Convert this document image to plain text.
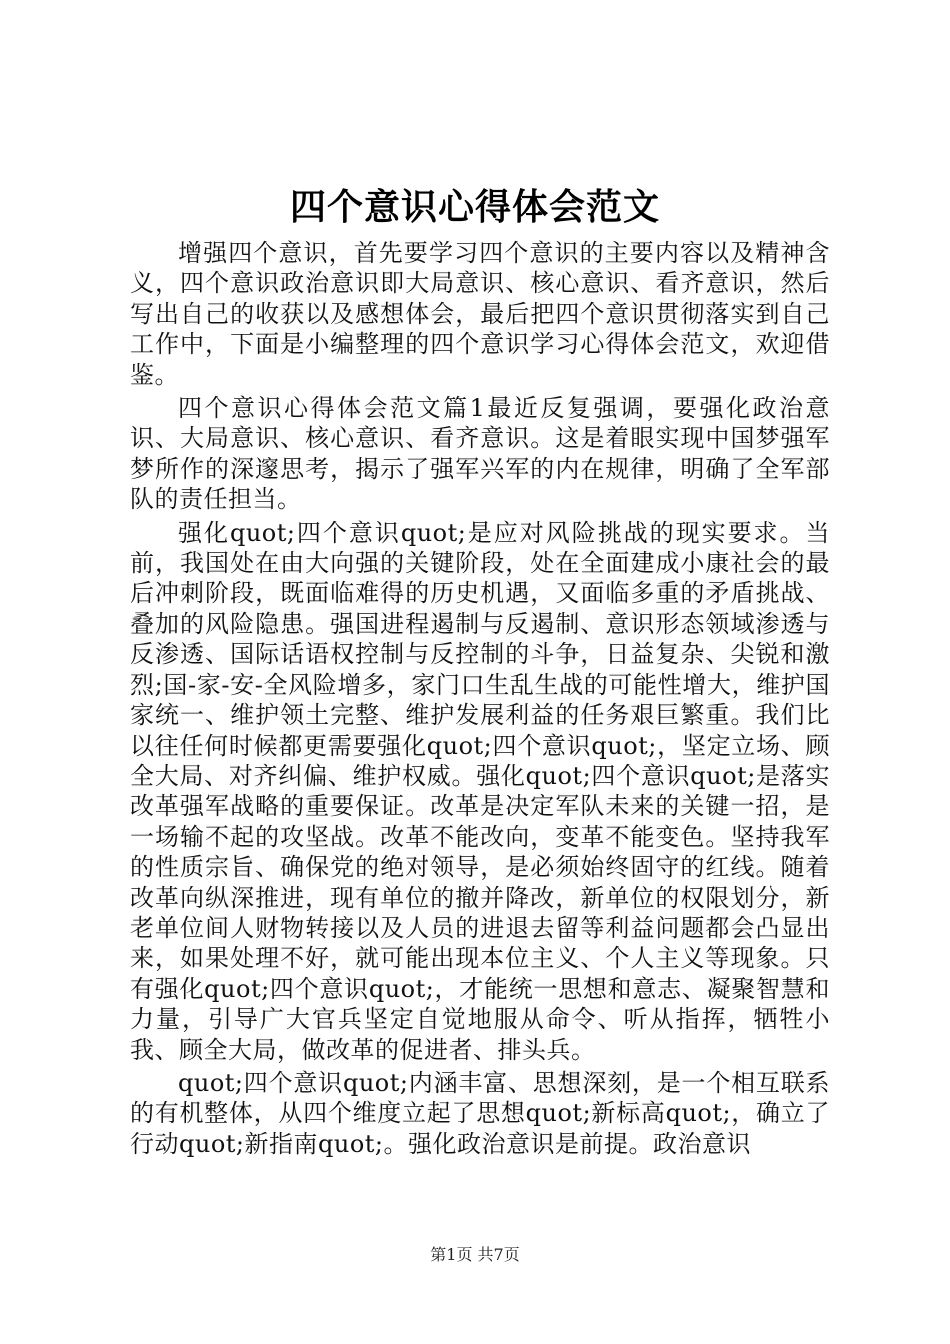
四个意识心得体会范文

增强四个意识，首先要学习四个意识的主要内容以及精神含义，四个意识政治意识即大局意识、核心意识、看齐意识，然后写出自己的收获以及感想体会，最后把四个意识贯彻落实到自己工作中，下面是小编整理的四个意识学习心得体会范文，欢迎借鉴。

四个意识心得体会范文篇1最近反复强调，要强化政治意识、大局意识、核心意识、看齐意识。这是着眼实现中国梦强军梦所作的深邃思考，揭示了强军兴军的内在规律，明确了全军部队的责任担当。

强化quot;四个意识quot;是应对风险挑战的现实要求。当前，我国处在由大向强的关键阶段，处在全面建成小康社会的最后冲刺阶段，既面临难得的历史机遇，又面临多重的矛盾挑战、叠加的风险隐患。强国进程遏制与反遏制、意识形态领域渗透与反渗透、国际话语权控制与反控制的斗争，日益复杂、尖锐和激烈;国-家-安-全风险增多，家门口生乱生战的可能性增大，维护国家统一、维护领土完整、维护发展利益的任务艰巨繁重。我们比以往任何时候都更需要强化quot;四个意识quot;，坚定立场、顾全大局、对齐纠偏、维护权威。强化quot;四个意识quot;是落实改革强军战略的重要保证。改革是决定军队未来的关键一招，是一场输不起的攻坚战。改革不能改向，变革不能变色。坚持我军的性质宗旨、确保党的绝对领导，是必须始终固守的红线。随着改革向纵深推进，现有单位的撤并降改，新单位的权限划分，新老单位间人财物转接以及人员的进退去留等利益问题都会凸显出来，如果处理不好，就可能出现本位主义、个人主义等现象。只有强化quot;四个意识quot;，才能统一思想和意志、凝聚智慧和力量，引导广大官兵坚定自觉地服从命令、听从指挥，牺牲小我、顾全大局，做改革的促进者、排头兵。

quot;四个意识quot;内涵丰富、思想深刻，是一个相互联系的有机整体，从四个维度立起了思想quot;新标高quot;，确立了行动quot;新指南quot;。强化政治意识是前提。政治意识

第1页 共7页
